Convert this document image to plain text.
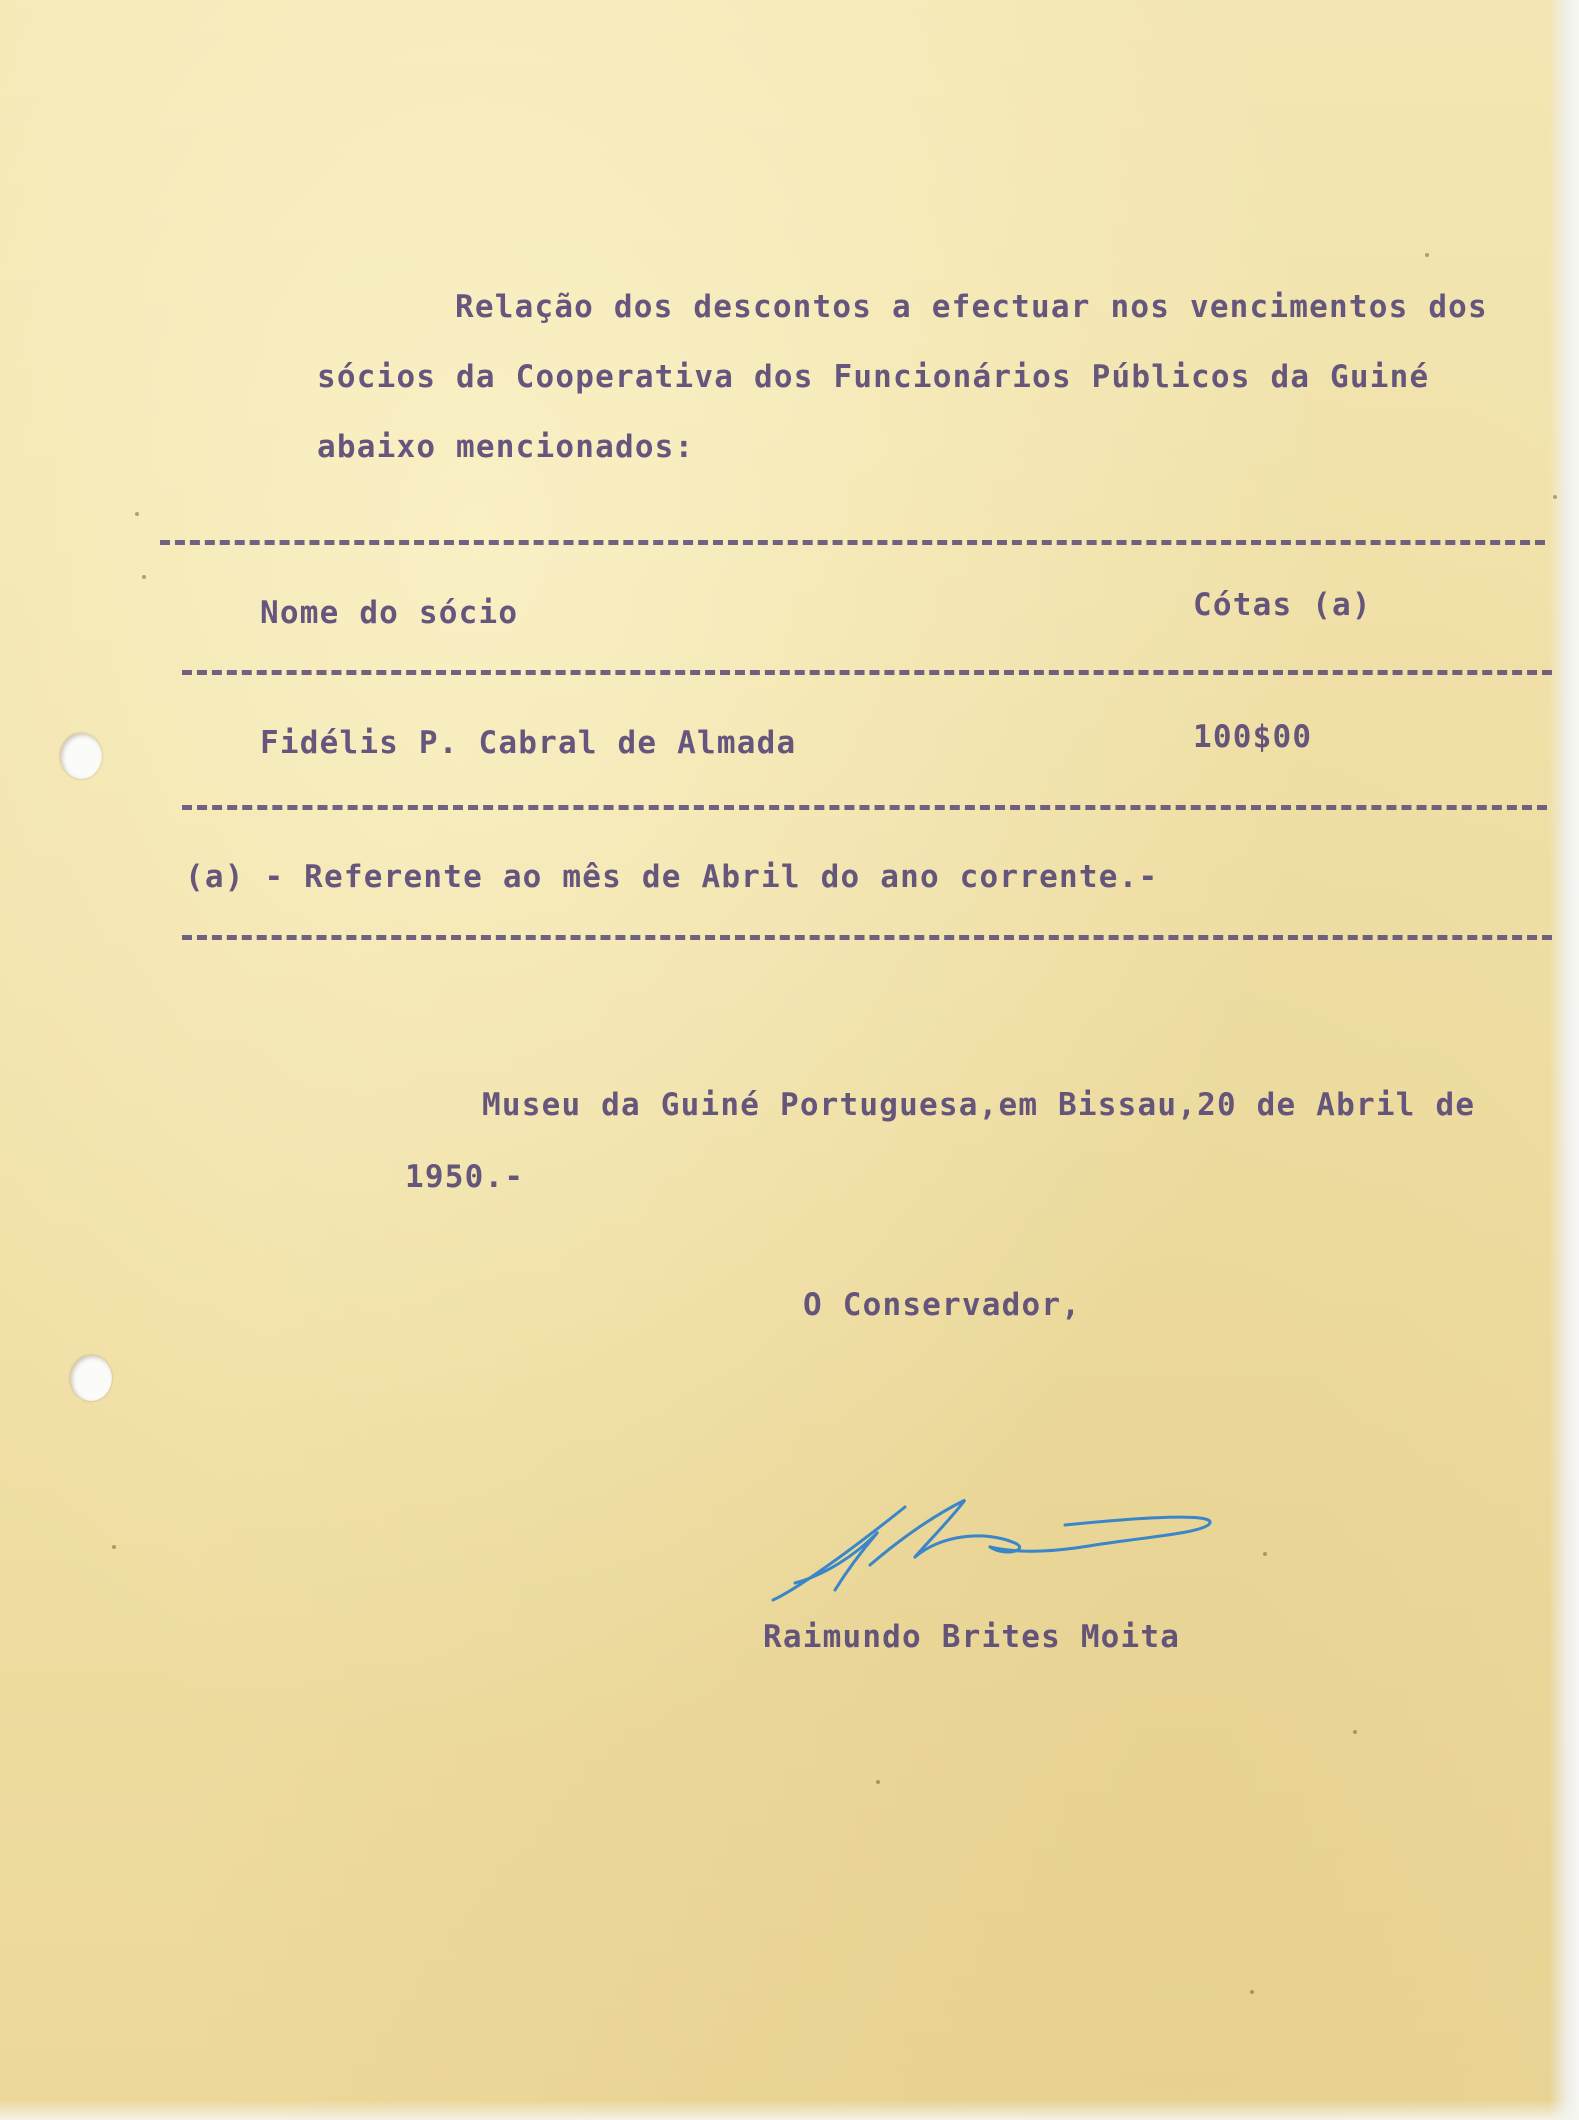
Relação dos descontos a efectuar nos vencimentos dos
sócios da Cooperativa dos Funcionários Públicos da Guiné
abaixo mencionados:
Nome do sócio	Cótas (a)
Fidélis P. Cabral de Almada	100$00
(a) - Referente ao mês de Abril do ano corrente.-
Museu da Guiné Portuguesa,em Bissau,20 de Abril de
1950.-
O Conservador,
Raimundo Brites Moita
